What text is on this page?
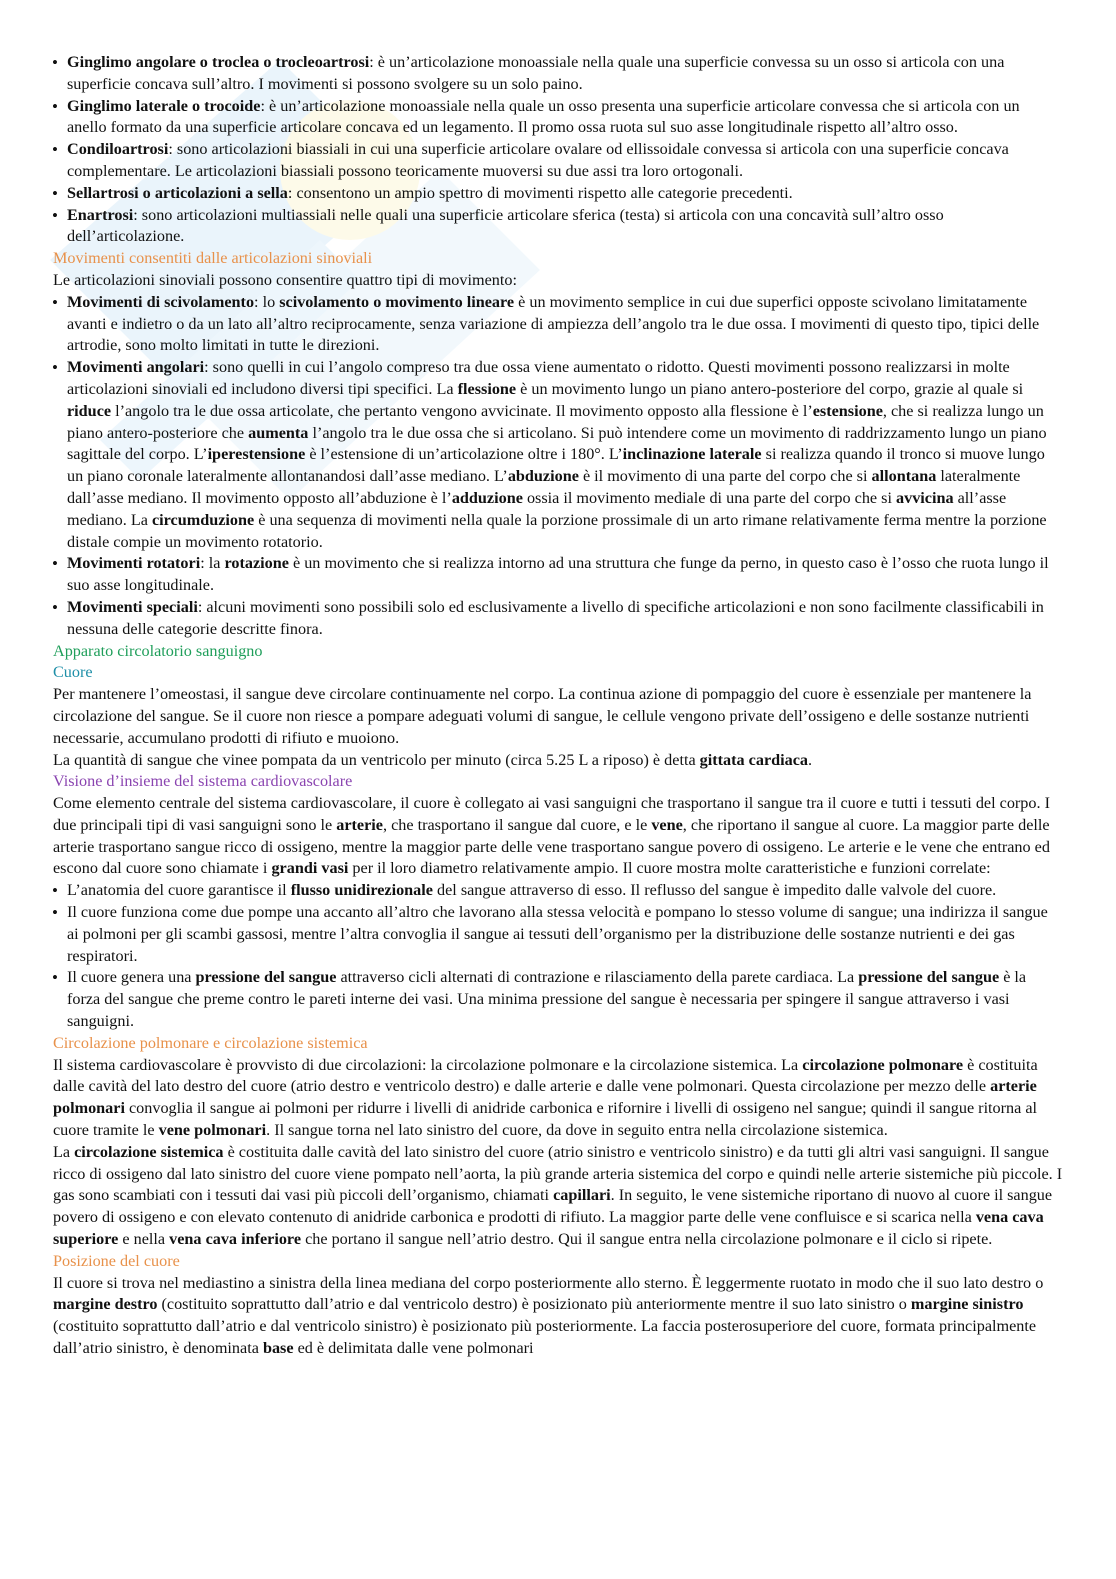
• Ginglimo angolare o troclea o trocleoartrosi: è un’articolazione monoassiale nella quale una superficie convessa su un osso si articola con una superficie concava sull’altro. I movimenti si possono svolgere su un solo paino.
• Ginglimo laterale o trocoide: è un’articolazione monoassiale nella quale un osso presenta una superficie articolare convessa che si articola con un anello formato da una superficie articolare concava ed un legamento. Il promo ossa ruota sul suo asse longitudinale rispetto all’altro osso.
• Condiloartrosi: sono articolazioni biassiali in cui una superficie articolare ovalare od ellissoidale convessa si articola con una superficie concava complementare. Le articolazioni biassiali possono teoricamente muoversi su due assi tra loro ortogonali.
• Sellartrosi o articolazioni a sella: consentono un ampio spettro di movimenti rispetto alle categorie precedenti.
• Enartrosi: sono articolazioni multiassiali nelle quali una superficie articolare sferica (testa) si articola con una concavità sull’altro osso dell’articolazione.
Movimenti consentiti dalle articolazioni sinoviali

Le articolazioni sinoviali possono consentire quattro tipi di movimento:

• Movimenti di scivolamento: lo scivolamento o movimento lineare è un movimento semplice in cui due superfici opposte scivolano limitatamente avanti e indietro o da un lato all’altro reciprocamente, senza variazione di ampiezza dell’angolo tra le due ossa. I movimenti di questo tipo, tipici delle artrodie, sono molto limitati in tutte le direzioni.
• Movimenti angolari: sono quelli in cui l’angolo compreso tra due ossa viene aumentato o ridotto. Questi movimenti possono realizzarsi in molte articolazioni sinoviali ed includono diversi tipi specifici. La flessione è un movimento lungo un piano antero-posteriore del corpo, grazie al quale si riduce l’angolo tra le due ossa articolate, che pertanto vengono avvicinate. Il movimento opposto alla flessione è l’estensione, che si realizza lungo un piano antero-posteriore che aumenta l’angolo tra le due ossa che si articolano. Si può intendere come un movimento di raddrizzamento lungo un piano sagittale del corpo. L’iperestensione è l’estensione di un’articolazione oltre i 180°. L’inclinazione laterale si realizza quando il tronco si muove lungo un piano coronale lateralmente allontanandosi dall’asse mediano. L’abduzione è il movimento di una parte del corpo che si allontana lateralmente dall’asse mediano. Il movimento opposto all’abduzione è l’adduzione ossia il movimento mediale di una parte del corpo che si avvicina all’asse mediano. La circumduzione è una sequenza di movimenti nella quale la porzione prossimale di un arto rimane relativamente ferma mentre la porzione distale compie un movimento rotatorio.
• Movimenti rotatori: la rotazione è un movimento che si realizza intorno ad una struttura che funge da perno, in questo caso è l’osso che ruota lungo il suo asse longitudinale.
• Movimenti speciali: alcuni movimenti sono possibili solo ed esclusivamente a livello di specifiche articolazioni e non sono facilmente classificabili in nessuna delle categorie descritte finora.
Apparato circolatorio sanguigno
Cuore

Per mantenere l’omeostasi, il sangue deve circolare continuamente nel corpo. La continua azione di pompaggio del cuore è essenziale per mantenere la circolazione del sangue. Se il cuore non riesce a pompare adeguati volumi di sangue, le cellule vengono private dell’ossigeno e delle sostanze nutrienti necessarie, accumulano prodotti di rifiuto e muoiono.

La quantità di sangue che vinee pompata da un ventricolo per minuto (circa 5.25 L a riposo) è detta gittata cardiaca.

Visione d’insieme del sistema cardiovascolare

Come elemento centrale del sistema cardiovascolare, il cuore è collegato ai vasi sanguigni che trasportano il sangue tra il cuore e tutti i tessuti del corpo. I due principali tipi di vasi sanguigni sono le arterie, che trasportano il sangue dal cuore, e le vene, che riportano il sangue al cuore. La maggior parte delle arterie trasportano sangue ricco di ossigeno, mentre la maggior parte delle vene trasportano sangue povero di ossigeno. Le arterie e le vene che entrano ed escono dal cuore sono chiamate i grandi vasi per il loro diametro relativamente ampio. Il cuore mostra molte caratteristiche e funzioni correlate:

• L’anatomia del cuore garantisce il flusso unidirezionale del sangue attraverso di esso. Il reflusso del sangue è impedito dalle valvole del cuore.
• Il cuore funziona come due pompe una accanto all’altro che lavorano alla stessa velocità e pompano lo stesso volume di sangue; una indirizza il sangue ai polmoni per gli scambi gassosi, mentre l’altra convoglia il sangue ai tessuti dell’organismo per la distribuzione delle sostanze nutrienti e dei gas respiratori.
• Il cuore genera una pressione del sangue attraverso cicli alternati di contrazione e rilasciamento della parete cardiaca. La pressione del sangue è la forza del sangue che preme contro le pareti interne dei vasi. Una minima pressione del sangue è necessaria per spingere il sangue attraverso i vasi sanguigni.
Circolazione polmonare e circolazione sistemica

Il sistema cardiovascolare è provvisto di due circolazioni: la circolazione polmonare e la circolazione sistemica. La circolazione polmonare è costituita dalle cavità del lato destro del cuore (atrio destro e ventricolo destro) e dalle arterie e dalle vene polmonari. Questa circolazione per mezzo delle arterie polmonari convoglia il sangue ai polmoni per ridurre i livelli di anidride carbonica e rifornire i livelli di ossigeno nel sangue; quindi il sangue ritorna al cuore tramite le vene polmonari. Il sangue torna nel lato sinistro del cuore, da dove in seguito entra nella circolazione sistemica.

La circolazione sistemica è costituita dalle cavità del lato sinistro del cuore (atrio sinistro e ventricolo sinistro) e da tutti gli altri vasi sanguigni. Il sangue ricco di ossigeno dal lato sinistro del cuore viene pompato nell’aorta, la più grande arteria sistemica del corpo e quindi nelle arterie sistemiche più piccole. I gas sono scambiati con i tessuti dai vasi più piccoli dell’organismo, chiamati capillari. In seguito, le vene sistemiche riportano di nuovo al cuore il sangue povero di ossigeno e con elevato contenuto di anidride carbonica e prodotti di rifiuto. La maggior parte delle vene confluisce e si scarica nella vena cava superiore e nella vena cava inferiore che portano il sangue nell’atrio destro. Qui il sangue entra nella circolazione polmonare e il ciclo si ripete.

Posizione del cuore

Il cuore si trova nel mediastino a sinistra della linea mediana del corpo posteriormente allo sterno. È leggermente ruotato in modo che il suo lato destro o margine destro (costituito soprattutto dall’atrio e dal ventricolo destro) è posizionato più anteriormente mentre il suo lato sinistro o margine sinistro (costituito soprattutto dall’atrio e dal ventricolo sinistro) è posizionato più posteriormente. La faccia posterosuperiore del cuore, formata principalmente dall’atrio sinistro, è denominata base ed è delimitata dalle vene polmonari
